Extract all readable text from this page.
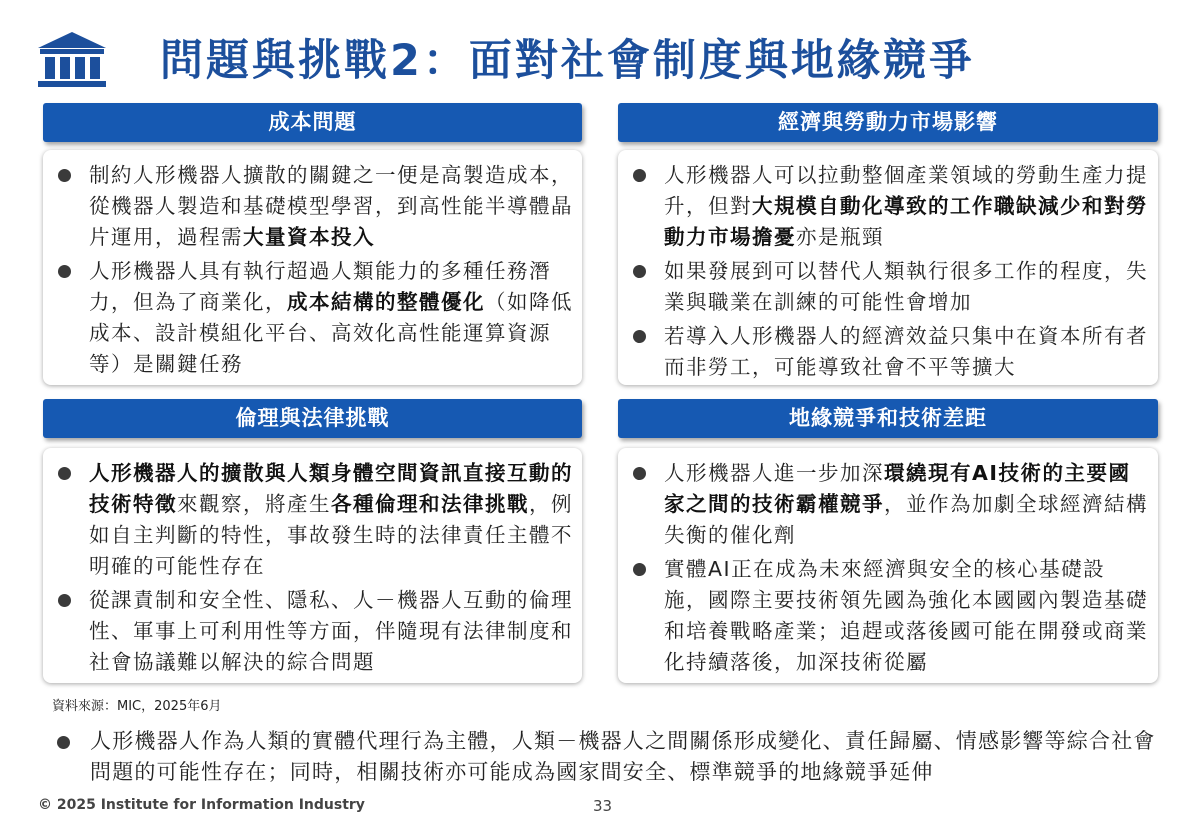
問題與挑戰2：面對社會制度與地緣競爭
成本問題	經濟與勞動力市場影響
倫理與法律挑戰	地緣競爭和技術差距
制約人形機器人擴散的關鍵之一便是高製造成本，從機器人製造和基礎模型學習，到高性能半導體晶片運用，過程需大量資本投入
人形機器人具有執行超過人類能力的多種任務潛力，但為了商業化，成本結構的整體優化（如降低成本、設計模組化平台、高效化高性能運算資源等）是關鍵任務
人形機器人可以拉動整個產業領域的勞動生產力提升，但對大規模自動化導致的工作職缺減少和對勞動力市場擔憂亦是瓶頸
如果發展到可以替代人類執行很多工作的程度，失業與職業在訓練的可能性會增加
若導入人形機器人的經濟效益只集中在資本所有者而非勞工，可能導致社會不平等擴大
人形機器人的擴散與人類身體空間資訊直接互動的技術特徵來觀察，將產生各種倫理和法律挑戰，例如自主判斷的特性，事故發生時的法律責任主體不明確的可能性存在
從課責制和安全性、隱私、人－機器人互動的倫理性、軍事上可利用性等方面，伴隨現有法律制度和社會協議難以解決的綜合問題
人形機器人進一步加深環繞現有AI技術的主要國家之間的技術霸權競爭，並作為加劇全球經濟結構失衡的催化劑
實體AI正在成為未來經濟與安全的核心基礎設施，國際主要技術領先國為強化本國國內製造基礎和培養戰略產業；追趕或落後國可能在開發或商業化持續落後，加深技術從屬
資料來源：MIC，2025年6月
人形機器人作為人類的實體代理行為主體，人類－機器人之間關係形成變化、責任歸屬、情感影響等綜合社會問題的可能性存在；同時，相關技術亦可能成為國家間安全、標準競爭的地緣競爭延伸
© 2025 Institute for Information Industry	33
